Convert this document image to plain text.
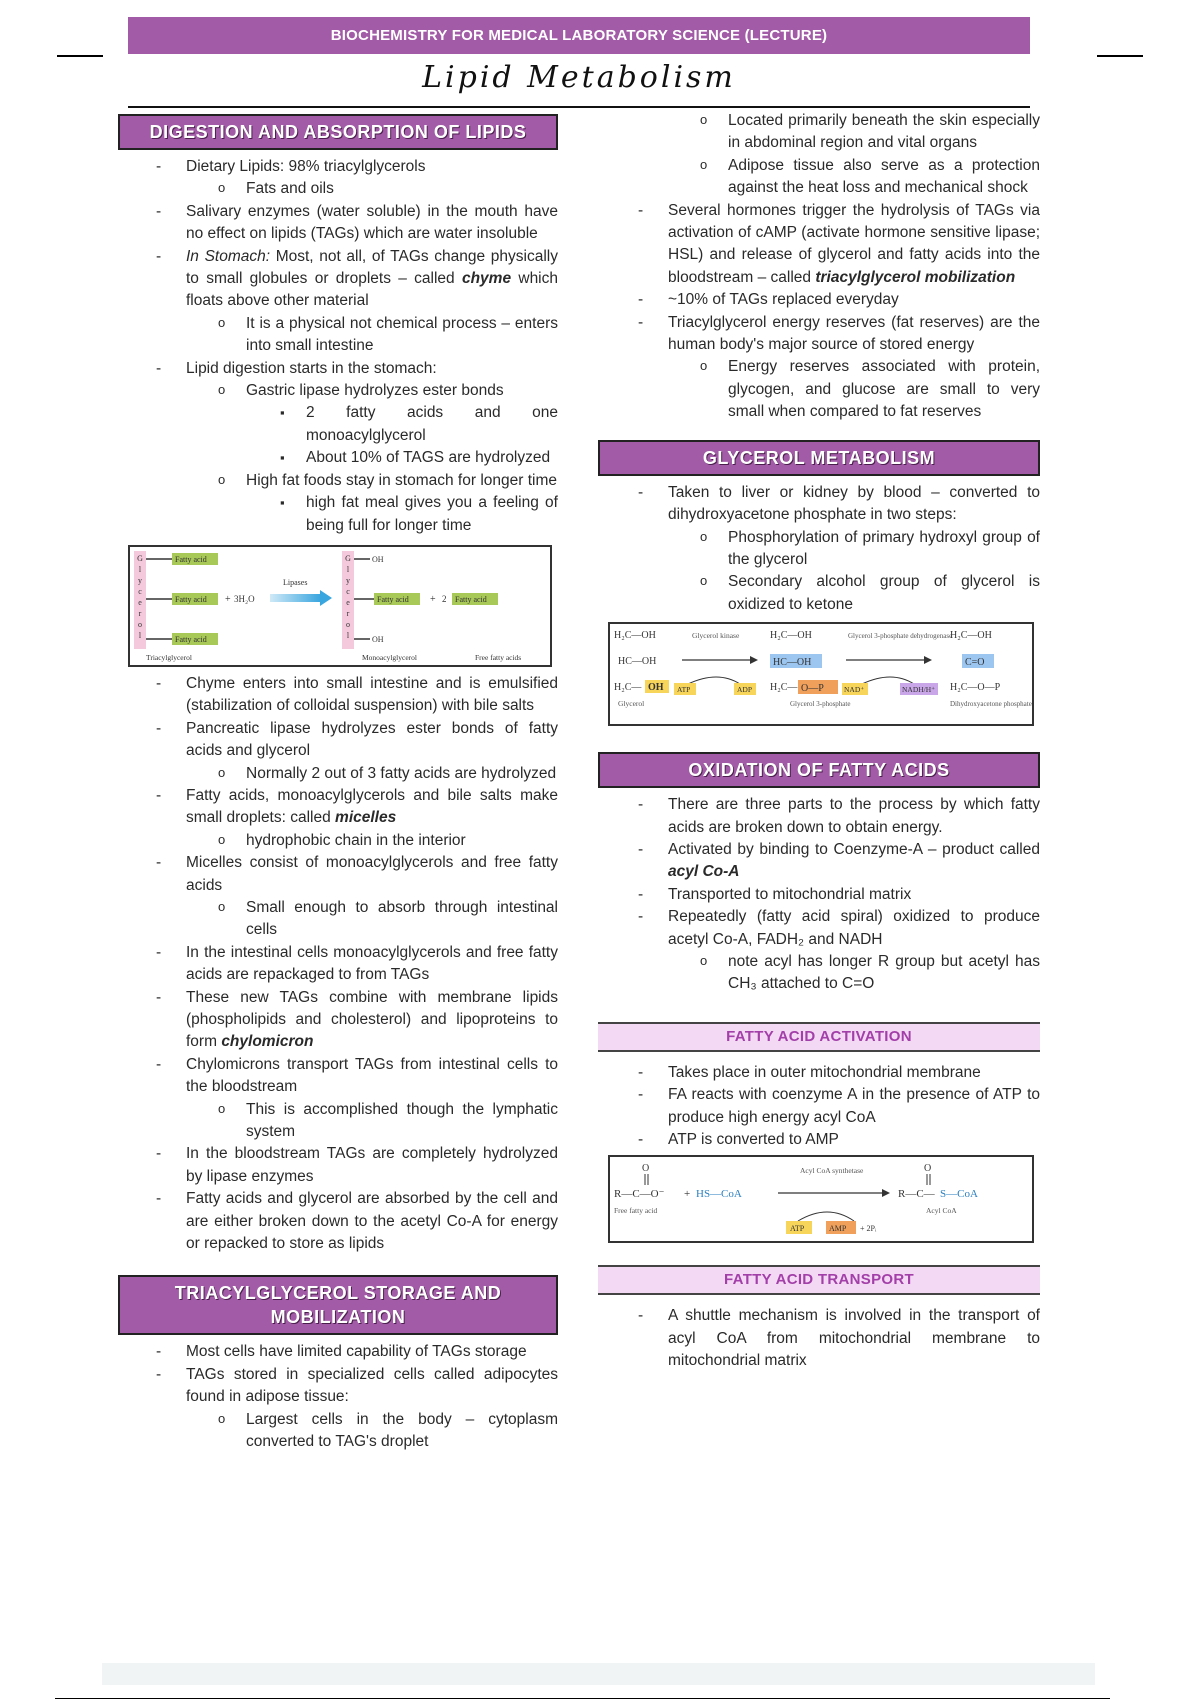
BIOCHEMISTRY FOR MEDICAL LABORATORY SCIENCE (LECTURE)
Lipid Metabolism
DIGESTION AND ABSORPTION OF LIPIDS
- Dietary Lipids: 98% triacylglycerols
o Fats and oils
- Salivary enzymes (water soluble) in the mouth have no effect on lipids (TAGs) which are water insoluble
- In Stomach: Most, not all, of TAGs change physically to small globules or droplets – called chyme which floats above other material
o It is a physical not chemical process – enters into small intestine
- Lipid digestion starts in the stomach:
o Gastric lipase hydrolyzes ester bonds
▪ 2 fatty acids and one monoacylglycerol
▪ About 10% of TAGS are hydrolyzed
o High fat foods stay in stomach for longer time
▪ high fat meal gives you a feeling of being full for longer time
G
l
y
c
e
r
o
l
Fatty acid
Fatty acid
Fatty acid
+ 3H₂O
Lipases
G
l
y
c
e
r
o
l
OH
Fatty acid
OH
+ 2 Fatty acid
Triacylglycerol	Monoacylglycerol	Free fatty acids
- Chyme enters into small intestine and is emulsified (stabilization of colloidal suspension) with bile salts
- Pancreatic lipase hydrolyzes ester bonds of fatty acids and glycerol
o Normally 2 out of 3 fatty acids are hydrolyzed
- Fatty acids, monoacylglycerols and bile salts make small droplets: called micelles
o hydrophobic chain in the interior
- Micelles consist of monoacylglycerols and free fatty acids
o Small enough to absorb through intestinal cells
- In the intestinal cells monoacylglycerols and free fatty acids are repackaged to from TAGs
- These new TAGs combine with membrane lipids (phospholipids and cholesterol) and lipoproteins to form chylomicron
- Chylomicrons transport TAGs from intestinal cells to the bloodstream
o This is accomplished though the lymphatic system
- In the bloodstream TAGs are completely hydrolyzed by lipase enzymes
- Fatty acids and glycerol are absorbed by the cell and are either broken down to the acetyl Co-A for energy or repacked to store as lipids
TRIACYLGLYCEROL STORAGE AND
MOBILIZATION
- Most cells have limited capability of TAGs storage
- TAGs stored in specialized cells called adipocytes found in adipose tissue:
o Largest cells in the body – cytoplasm converted to TAG's droplet
o Located primarily beneath the skin especially in abdominal region and vital organs
o Adipose tissue also serve as a protection against the heat loss and mechanical shock
- Several hormones trigger the hydrolysis of TAGs via activation of cAMP (activate hormone sensitive lipase; HSL) and release of glycerol and fatty acids into the bloodstream – called triacylglycerol mobilization
- ~10% of TAGs replaced everyday
- Triacylglycerol energy reserves (fat reserves) are the human body's major source of stored energy
o Energy reserves associated with protein, glycogen, and glucose are small to very small when compared to fat reserves
GLYCEROL METABOLISM
- Taken to liver or kidney by blood – converted to dihydroxyacetone phosphate in two steps:
o Phosphorylation of primary hydroxyl group of the glycerol
o Secondary alcohol group of glycerol is oxidized to ketone
H₂C—OH
HC—OH
H₂C— OH
Glycerol
Glycerol kinase
ATP	ADP
H₂C—OH
H₂C—
HC—OH
O—P
Glycerol 3-phosphate
Glycerol 3-phosphate dehydrogenase
NAD⁺	NADH/H⁺
H₂C—OH
C=O
H₂C—O—P
Dihydroxyacetone phosphate
OXIDATION OF FATTY ACIDS
- There are three parts to the process by which fatty acids are broken down to obtain energy.
- Activated by binding to Coenzyme-A – product called acyl Co-A
- Transported to mitochondrial matrix
- Repeatedly (fatty acid spiral) oxidized to produce acetyl Co-A, FADH₂ and NADH
o note acyl has longer R group but acetyl has CH₃ attached to C=O
FATTY ACID ACTIVATION
- Takes place in outer mitochondrial membrane
- FA reacts with coenzyme A in the presence of ATP to produce high energy acyl CoA
- ATP is converted to AMP
O
R—C—O⁻ + HS—CoA
Free fatty acid
Acyl CoA synthetase
ATP	AMP + 2Pᵢ
O
R—C— S—CoA
Acyl CoA
FATTY ACID TRANSPORT
- A shuttle mechanism is involved in the transport of acyl CoA from mitochondrial membrane to mitochondrial matrix
